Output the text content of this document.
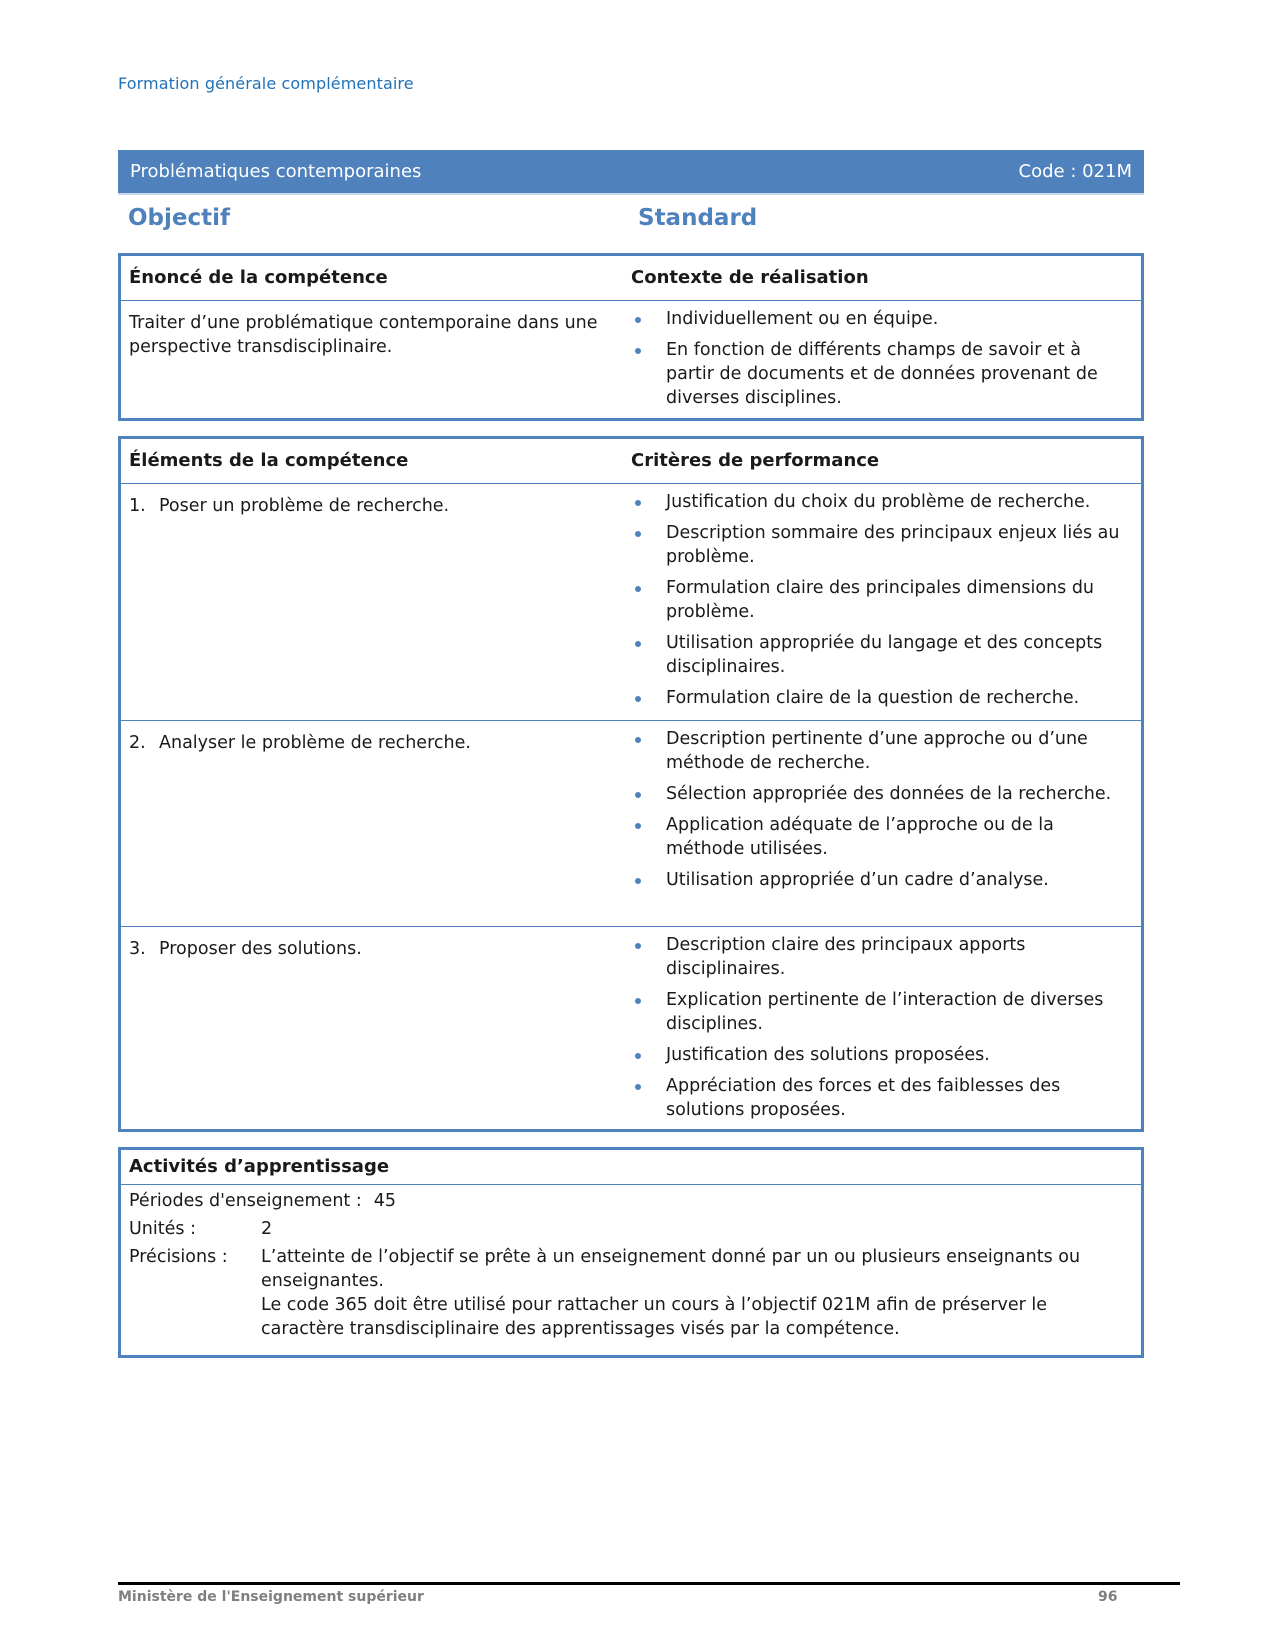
Formation générale complémentaire
Problématiques contemporaines	Code : 021M
Objectif	Standard
Énoncé de la compétence	Contexte de réalisation
Traiter d’une problématique contemporaine dans une perspective transdisciplinaire.
Individuellement ou en équipe.
En fonction de différents champs de savoir et à partir de documents et de données provenant de diverses disciplines.
Éléments de la compétence	Critères de performance
1. Poser un problème de recherche.	Justification du choix du problème de recherche.
Description sommaire des principaux enjeux liés au problème.
Formulation claire des principales dimensions du problème.
Utilisation appropriée du langage et des concepts disciplinaires.
Formulation claire de la question de recherche.
2. Analyser le problème de recherche.	Description pertinente d’une approche ou d’une méthode de recherche.
Sélection appropriée des données de la recherche.
Application adéquate de l’approche ou de la méthode utilisées.
Utilisation appropriée d’un cadre d’analyse.
3. Proposer des solutions.	Description claire des principaux apports disciplinaires.
Explication pertinente de l’interaction de diverses disciplines.
Justification des solutions proposées.
Appréciation des forces et des faiblesses des solutions proposées.
Activités d’apprentissage
Périodes d'enseignement : 45
Unités :	2
Précisions :	L’atteinte de l’objectif se prête à un enseignement donné par un ou plusieurs enseignants ou enseignantes.
Le code 365 doit être utilisé pour rattacher un cours à l’objectif 021M afin de préserver le caractère transdisciplinaire des apprentissages visés par la compétence.
Ministère de l'Enseignement supérieur	96
